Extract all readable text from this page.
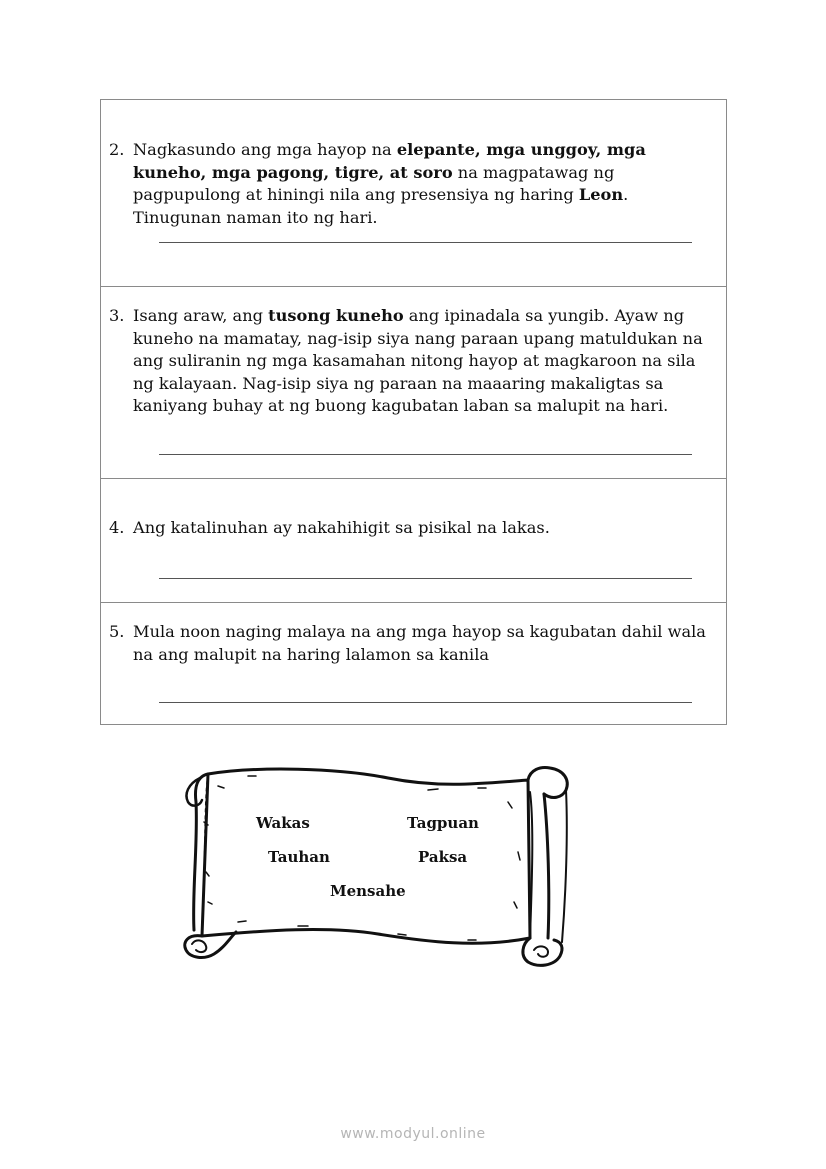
2. Nagkasundo ang mga hayop na elepante, mga unggoy, mga kuneho, mga pagong, tigre, at soro na magpatawag ng pagpupulong at hiningi nila ang presensiya ng haring Leon. Tinugunan naman ito ng hari.
3. Isang araw, ang tusong kuneho ang ipinadala sa yungib. Ayaw ng kuneho na mamatay, nag-isip siya nang paraan upang matuldukan na ang suliranin ng mga kasamahan nitong hayop at magkaroon na sila ng kalayaan. Nag-isip siya ng paraan na maaaring makaligtas sa kaniyang buhay at ng buong kagubatan laban sa malupit na hari.
4. Ang katalinuhan ay nakahihigit sa pisikal na lakas.
5. Mula noon naging malaya na ang mga hayop sa kagubatan dahil wala na ang malupit na haring lalamon sa kanila
Wakas	Tagpuan
Tauhan	Paksa
Mensahe
www.modyul.online
